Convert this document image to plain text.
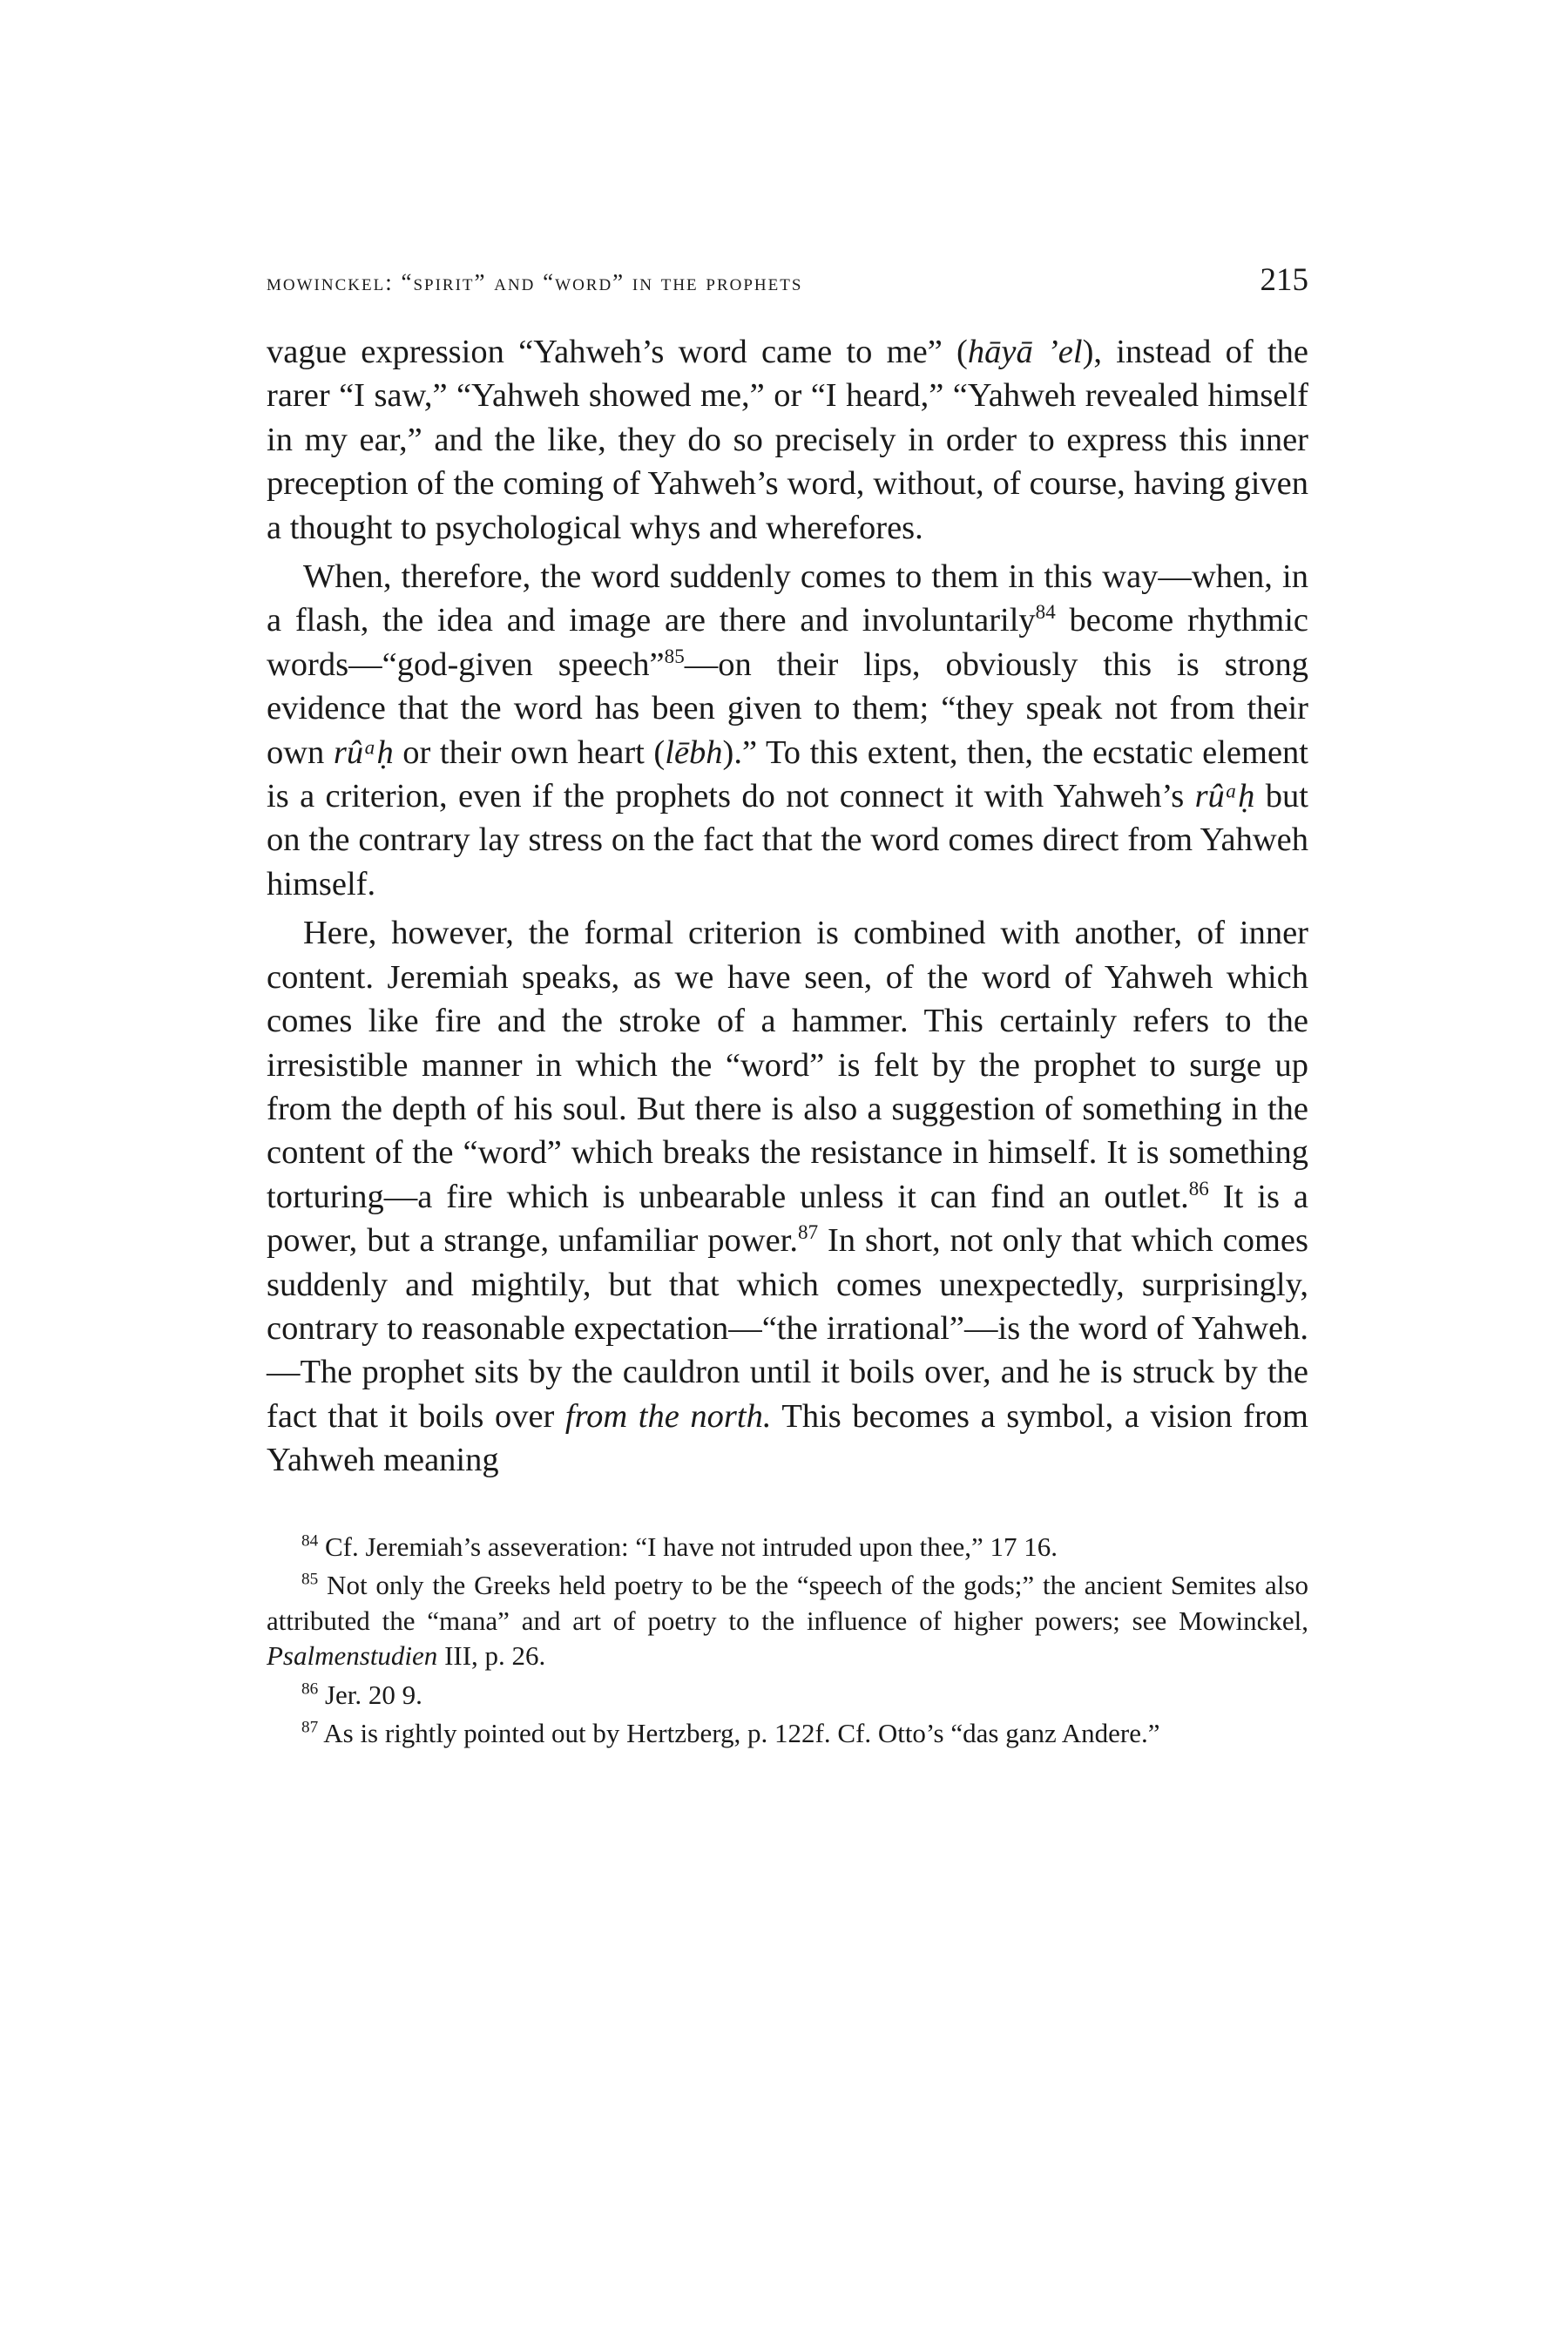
mowinckel: “spirit” and “word” in the prophets	215

vague expression “Yahweh’s word came to me” (hāyā ’el), instead of the rarer “I saw,” “Yahweh showed me,” or “I heard,” “Yahweh revealed himself in my ear,” and the like, they do so precisely in order to express this inner preception of the coming of Yahweh’s word, without, of course, having given a thought to psychological whys and wherefores.

When, therefore, the word suddenly comes to them in this way—when, in a flash, the idea and image are there and involuntarily$^{84}$ become rhythmic words—“god-given speech”$^{85}$—on their lips, obviously this is strong evidence that the word has been given to them; “they speak not from their own rûᵃḥ or their own heart (lēbh).” To this extent, then, the ecstatic element is a criterion, even if the prophets do not connect it with Yahweh’s rûᵃḥ but on the contrary lay stress on the fact that the word comes direct from Yahweh himself.

Here, however, the formal criterion is combined with another, of inner content. Jeremiah speaks, as we have seen, of the word of Yahweh which comes like fire and the stroke of a hammer. This certainly refers to the irresistible manner in which the “word” is felt by the prophet to surge up from the depth of his soul. But there is also a suggestion of something in the content of the “word” which breaks the resistance in himself. It is something torturing—a fire which is unbearable unless it can find an outlet.$^{86}$ It is a power, but a strange, unfamiliar power.$^{87}$ In short, not only that which comes suddenly and mightily, but that which comes unexpectedly, surprisingly, contrary to reasonable expectation—“the irrational”—is the word of Yahweh.—The prophet sits by the cauldron until it boils over, and he is struck by the fact that it boils over from the north. This becomes a symbol, a vision from Yahweh meaning

$^{84}$ Cf. Jeremiah’s asseveration: “I have not intruded upon thee,” 17 16.

$^{85}$ Not only the Greeks held poetry to be the “speech of the gods;” the ancient Semites also attributed the “mana” and art of poetry to the influence of higher powers; see Mowinckel, Psalmenstudien III, p. 26.

$^{86}$ Jer. 20 9.

$^{87}$ As is rightly pointed out by Hertzberg, p. 122f. Cf. Otto’s “das ganz Andere.”
